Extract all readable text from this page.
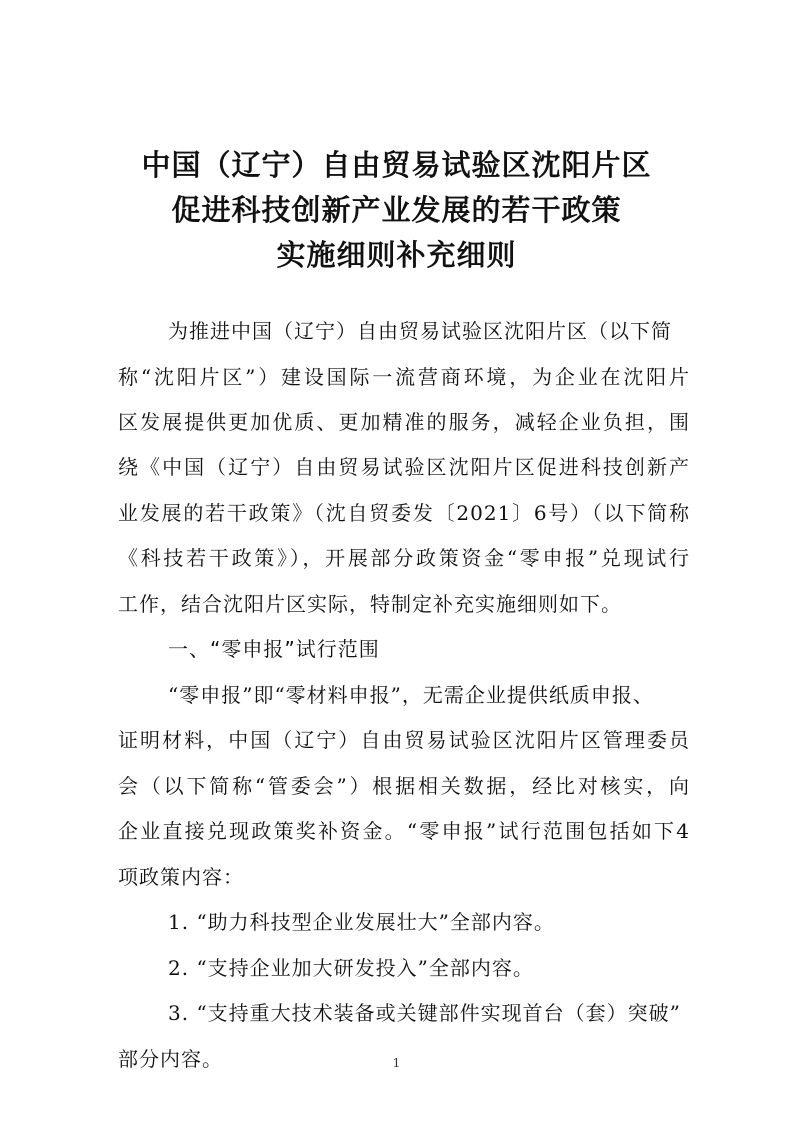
中国（辽宁）自由贸易试验区沈阳片区
促进科技创新产业发展的若干政策
实施细则补充细则
为推进中国（辽宁）自由贸易试验区沈阳片区（以下简
称“沈阳片区”）建设国际一流营商环境，为企业在沈阳片
区发展提供更加优质、更加精准的服务，减轻企业负担，围
绕《中国（辽宁）自由贸易试验区沈阳片区促进科技创新产
业发展的若干政策》（沈自贸委发〔2021〕6号）（以下简称
《科技若干政策》），开展部分政策资金“零申报”兑现试行
工作，结合沈阳片区实际，特制定补充实施细则如下。
一、“零申报”试行范围
“零申报”即“零材料申报”，无需企业提供纸质申报、
证明材料，中国（辽宁）自由贸易试验区沈阳片区管理委员
会（以下简称“管委会”）根据相关数据，经比对核实，向
企业直接兑现政策奖补资金。“零申报”试行范围包括如下4
项政策内容：
1. “助力科技型企业发展壮大”全部内容。
2. “支持企业加大研发投入”全部内容。
3. “支持重大技术装备或关键部件实现首台（套）突破”
部分内容。	1
